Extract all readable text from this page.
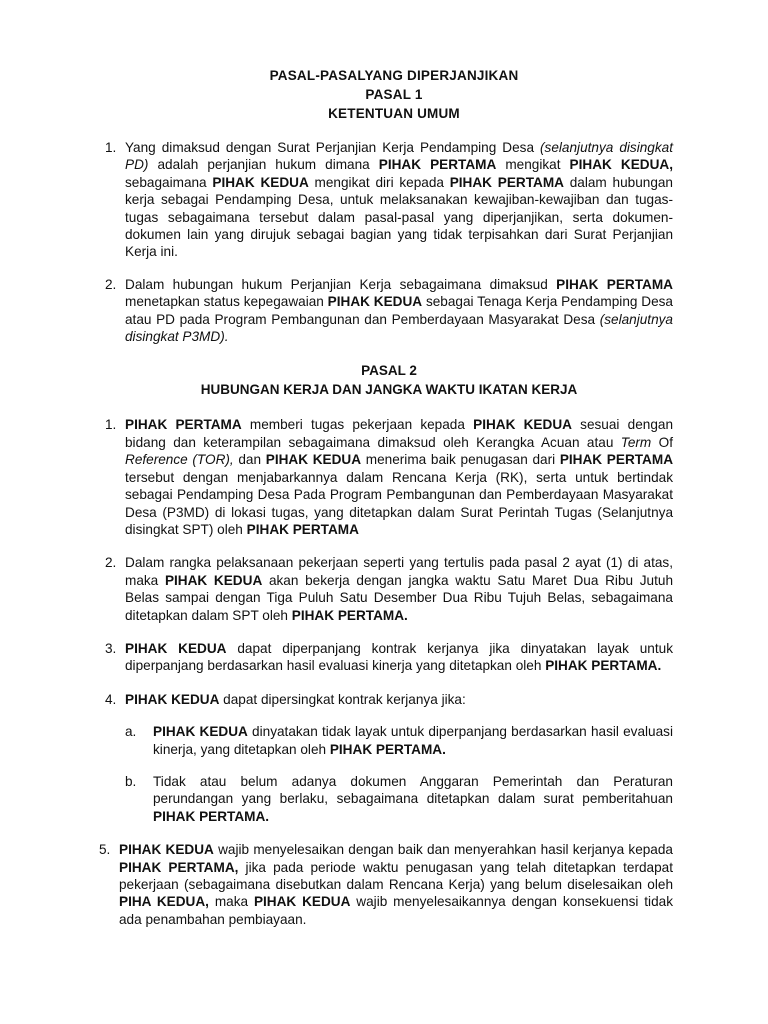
PASAL-PASALYANG DIPERJANJIKAN

PASAL 1

KETENTUAN UMUM

1. Yang dimaksud dengan Surat Perjanjian Kerja Pendamping Desa (selanjutnya disingkat PD) adalah perjanjian hukum dimana PIHAK PERTAMA mengikat PIHAK KEDUA, sebagaimana PIHAK KEDUA mengikat diri kepada PIHAK PERTAMA dalam hubungan kerja sebagai Pendamping Desa, untuk melaksanakan kewajiban-kewajiban dan tugas-tugas sebagaimana tersebut dalam pasal-pasal yang diperjanjikan, serta dokumen-dokumen lain yang dirujuk sebagai bagian yang tidak terpisahkan dari Surat Perjanjian Kerja ini.
2. Dalam hubungan hukum Perjanjian Kerja sebagaimana dimaksud PIHAK PERTAMA menetapkan status kepegawaian PIHAK KEDUA sebagai Tenaga Kerja Pendamping Desa atau PD pada Program Pembangunan dan Pemberdayaan Masyarakat Desa (selanjutnya disingkat P3MD).

PASAL 2

HUBUNGAN KERJA DAN JANGKA WAKTU IKATAN KERJA

1. PIHAK PERTAMA memberi tugas pekerjaan kepada PIHAK KEDUA sesuai dengan bidang dan keterampilan sebagaimana dimaksud oleh Kerangka Acuan atau Term Of Reference (TOR), dan PIHAK KEDUA menerima baik penugasan dari PIHAK PERTAMA tersebut dengan menjabarkannya dalam Rencana Kerja (RK), serta untuk bertindak sebagai Pendamping Desa Pada Program Pembangunan dan Pemberdayaan Masyarakat Desa (P3MD) di lokasi tugas, yang ditetapkan dalam Surat Perintah Tugas (Selanjutnya disingkat SPT) oleh PIHAK PERTAMA
2. Dalam rangka pelaksanaan pekerjaan seperti yang tertulis pada pasal 2 ayat (1) di atas, maka PIHAK KEDUA akan bekerja dengan jangka waktu Satu Maret Dua Ribu Jutuh Belas sampai dengan Tiga Puluh Satu Desember Dua Ribu Tujuh Belas, sebagaimana ditetapkan dalam SPT oleh PIHAK PERTAMA.
3. PIHAK KEDUA dapat diperpanjang kontrak kerjanya jika dinyatakan layak untuk diperpanjang berdasarkan hasil evaluasi kinerja yang ditetapkan oleh PIHAK PERTAMA.
4. PIHAK KEDUA dapat dipersingkat kontrak kerjanya jika:
a. PIHAK KEDUA dinyatakan tidak layak untuk diperpanjang berdasarkan hasil evaluasi kinerja, yang ditetapkan oleh PIHAK PERTAMA.
b. Tidak atau belum adanya dokumen Anggaran Pemerintah dan Peraturan perundangan yang berlaku, sebagaimana ditetapkan dalam surat pemberitahuan PIHAK PERTAMA.
5. PIHAK KEDUA wajib menyelesaikan dengan baik dan menyerahkan hasil kerjanya kepada PIHAK PERTAMA, jika pada periode waktu penugasan yang telah ditetapkan terdapat pekerjaan (sebagaimana disebutkan dalam Rencana Kerja) yang belum diselesaikan oleh PIHA KEDUA, maka PIHAK KEDUA wajib menyelesaikannya dengan konsekuensi tidak ada penambahan pembiayaan.
